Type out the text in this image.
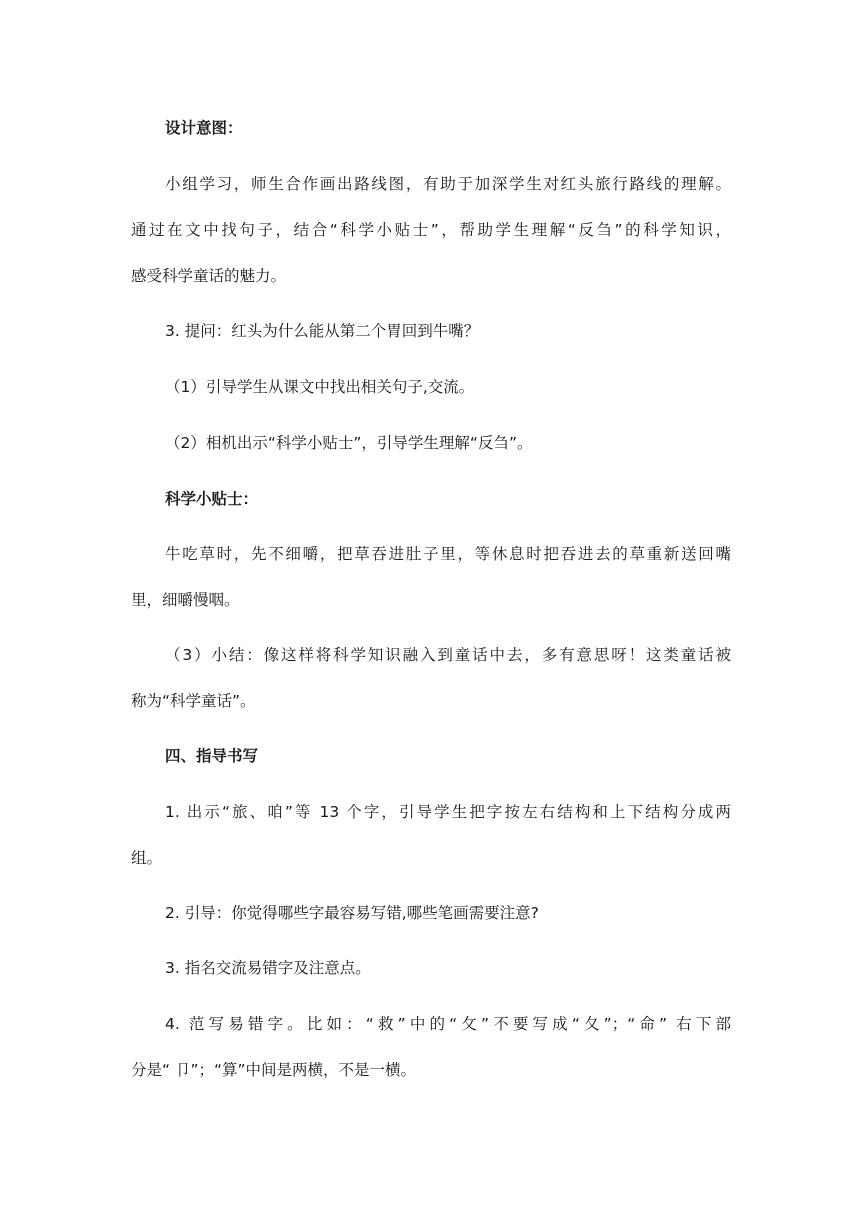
设计意图：
小组学习，师生合作画出路线图，有助于加深学生对红头旅行路线的理解。
通过在文中找句子，结合“科学小贴士”，帮助学生理解“反刍”的科学知识，
感受科学童话的魅力。
3. 提问：红头为什么能从第二个胃回到牛嘴？
（1）引导学生从课文中找出相关句子,交流。
（2）相机出示“科学小贴士”，引导学生理解“反刍”。
科学小贴士：
牛吃草时，先不细嚼，把草吞进肚子里，等休息时把吞进去的草重新送回嘴
里，细嚼慢咽。
（3）小结：像这样将科学知识融入到童话中去，多有意思呀！这类童话被
称为“科学童话”。
四、指导书写
1. 出示“旅、咱”等 13 个字，引导学生把字按左右结构和上下结构分成两
组。
2. 引导：你觉得哪些字最容易写错,哪些笔画需要注意?
3. 指名交流易错字及注意点。
4. 范写易错字。比如：“救”中的“攵”不要写成“夂”；“命” 右下部
分是“ 卩”；“算”中间是两横，不是一横。
